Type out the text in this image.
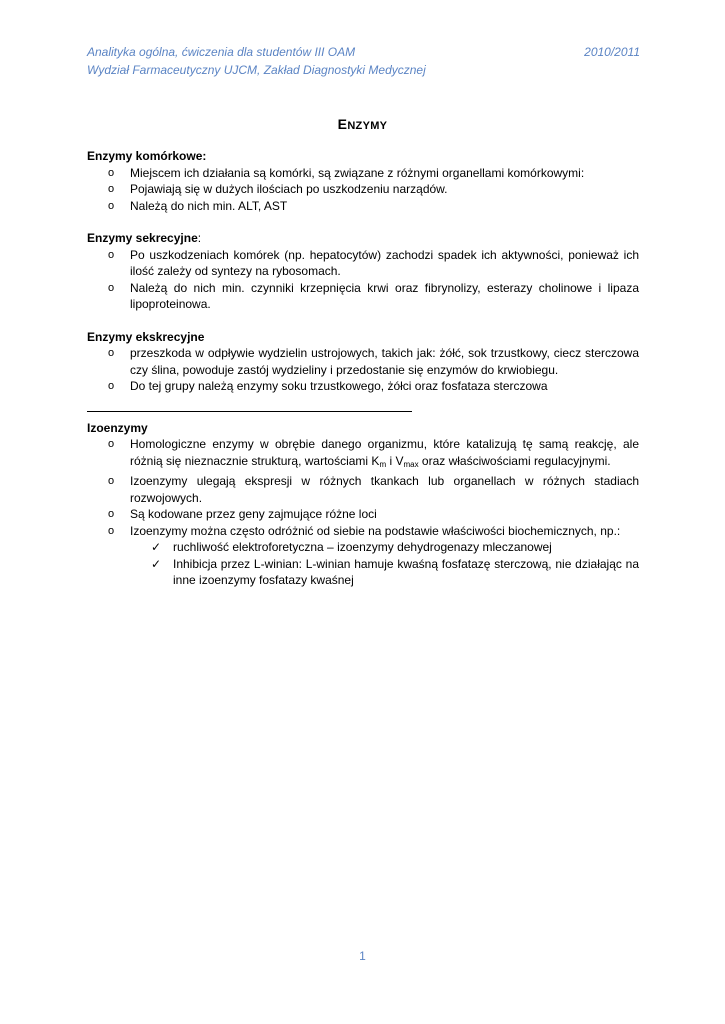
Analityka ogólna, ćwiczenia dla studentów III OAM	2010/2011
Wydział Farmaceutyczny UJCM, Zakład Diagnostyki Medycznej
ENZYMY
Enzymy komórkowe:
o Miejscem ich działania są komórki, są związane z różnymi organellami komórkowymi:
o Pojawiają się w dużych ilościach po uszkodzeniu narządów.
o Należą do nich min. ALT, AST
Enzymy sekrecyjne:
o Po uszkodzeniach komórek (np. hepatocytów) zachodzi spadek ich aktywności, ponieważ ich ilość zależy od syntezy na rybosomach.
o Należą do nich min. czynniki krzepnięcia krwi oraz fibrynolizy, esterazy cholinowe i lipaza lipoproteinowa.
Enzymy ekskrecyjne
o przeszkoda w odpływie wydzielin ustrojowych, takich jak: żółć, sok trzustkowy, ciecz sterczowa czy ślina, powoduje zastój wydzieliny i przedostanie się enzymów do krwiobiegu.
o Do tej grupy należą enzymy soku trzustkowego, żółci oraz fosfataza sterczowa
Izoenzymy
o Homologiczne enzymy w obrębie danego organizmu, które katalizują tę samą reakcję, ale różnią się nieznacznie strukturą, wartościami $K_m$ i $V_{max}$ oraz właściwościami regulacyjnymi.
o Izoenzymy ulegają ekspresji w różnych tkankach lub organellach w różnych stadiach rozwojowych.
o Są kodowane przez geny zajmujące różne loci
o Izoenzymy można często odróżnić od siebie na podstawie właściwości biochemicznych, np.:
✓ ruchliwość elektroforetyczna – izoenzymy dehydrogenazy mleczanowej
✓ Inhibicja przez L-winian: L-winian hamuje kwaśną fosfatazę sterczową, nie działając na inne izoenzymy fosfatazy kwaśnej
1
